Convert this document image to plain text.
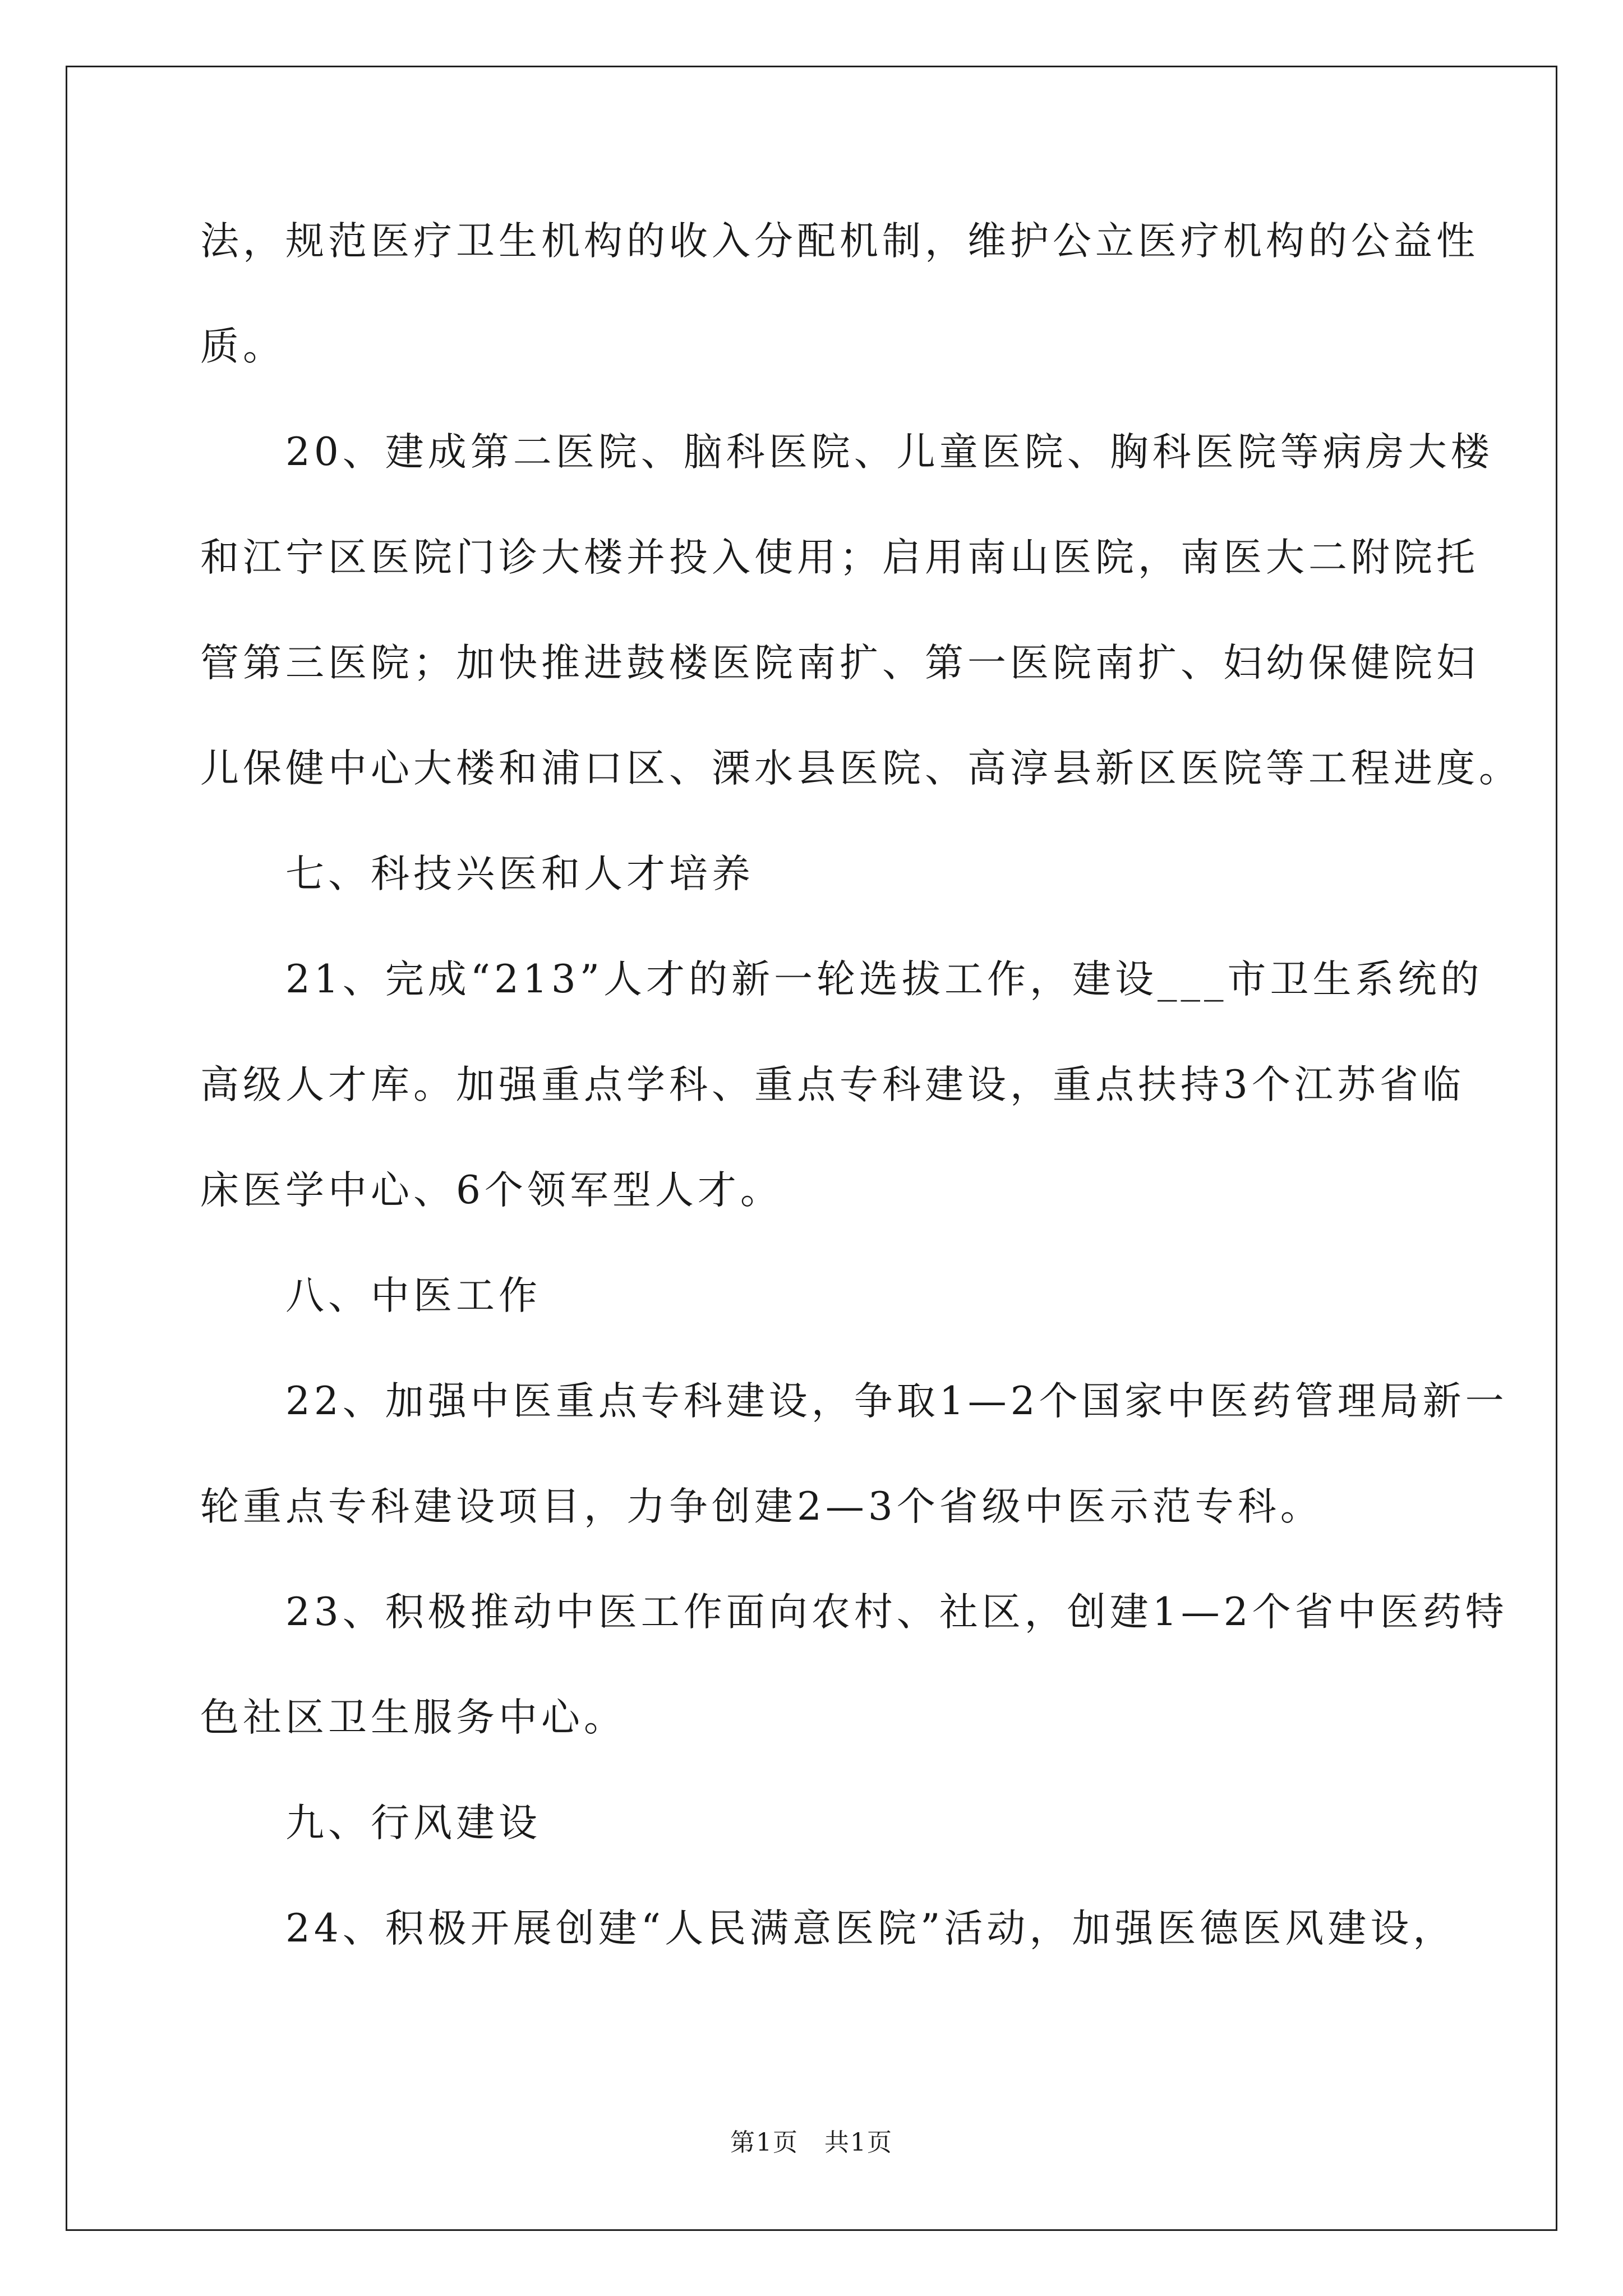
法，规范医疗卫生机构的收入分配机制，维护公立医疗机构的公益性
质。
　　20、建成第二医院、脑科医院、儿童医院、胸科医院等病房大楼
和江宁区医院门诊大楼并投入使用；启用南山医院，南医大二附院托
管第三医院；加快推进鼓楼医院南扩、第一医院南扩、妇幼保健院妇
儿保健中心大楼和浦口区、溧水县医院、高淳县新区医院等工程进度。
　　七、科技兴医和人才培养
　　21、完成“213”人才的新一轮选拔工作，建设___市卫生系统的
高级人才库。加强重点学科、重点专科建设，重点扶持3个江苏省临
床医学中心、6个领军型人才。
　　八、中医工作
　　22、加强中医重点专科建设，争取1—2个国家中医药管理局新一
轮重点专科建设项目，力争创建2—3个省级中医示范专科。
　　23、积极推动中医工作面向农村、社区，创建1—2个省中医药特
色社区卫生服务中心。
　　九、行风建设
　　24、积极开展创建“人民满意医院”活动，加强医德医风建设，
第1页　共1页
